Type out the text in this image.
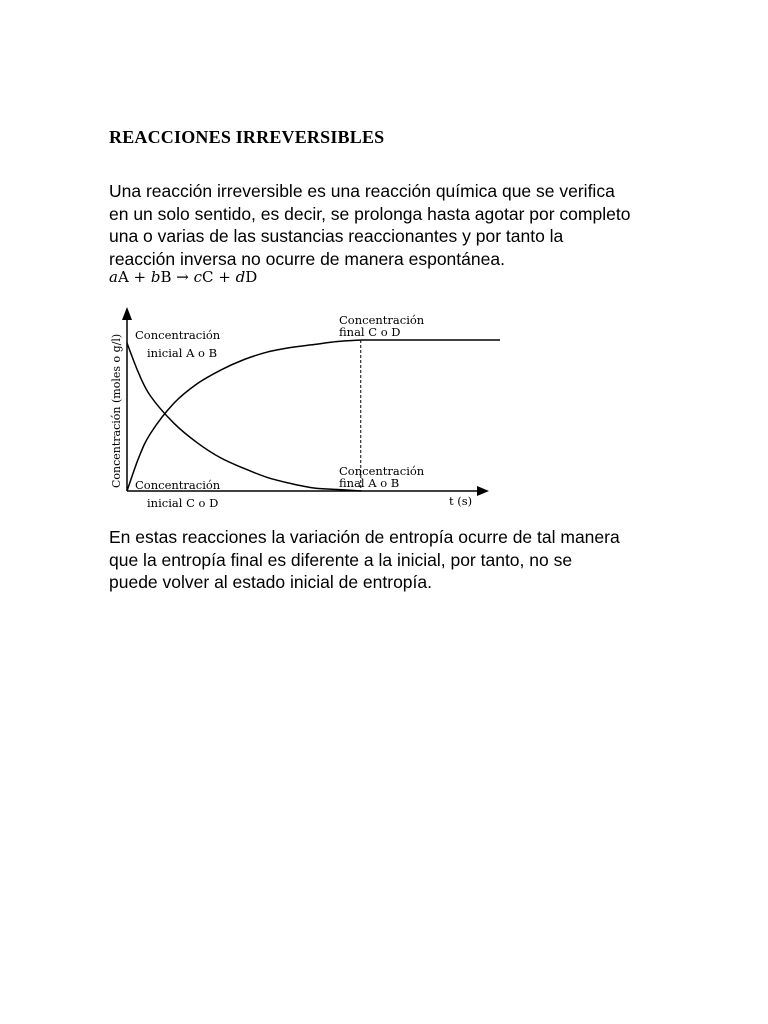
REACCIONES IRREVERSIBLES
Una reacción irreversible es una reacción química que se verifica
en un solo sentido, es decir, se prolonga hasta agotar por completo
una o varias de las sustancias reaccionantes y por tanto la
reacción inversa no ocurre de manera espontánea.
aA + bB → cC + dD
Concentración (moles o g/l)
t (s)
Concentración
inicial A o B
Concentración
final C o D
Concentración
inicial C o D
Concentración
final A o B
En estas reacciones la variación de entropía ocurre de tal manera
que la entropía final es diferente a la inicial, por tanto, no se
puede volver al estado inicial de entropía.
